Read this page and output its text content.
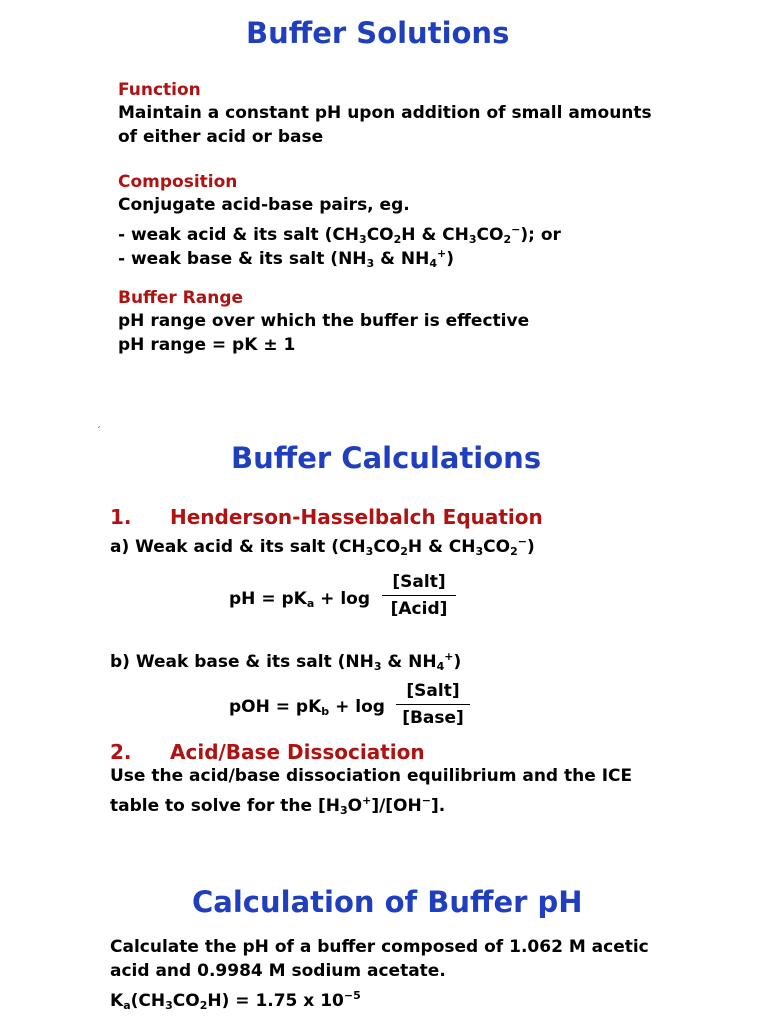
Buffer Solutions
Function
Maintain a constant pH upon addition of small amounts
of either acid or base
Composition
Conjugate acid-base pairs, eg.
- weak acid & its salt ($CH_3CO_2H$ & $CH_3CO_2^-$); or
- weak base & its salt ($NH_3$ & $NH_4^+$)
Buffer Range
pH range over which the buffer is effective
pH range = pK ± 1
´
Buffer Calculations
1. Henderson-Hasselbalch Equation
a) Weak acid & its salt ($CH_3CO_2H$ & $CH_3CO_2^-$)
pH = $pK_a + \log$
[Salt]
[Acid]
b) Weak base & its salt ($NH_3$ & $NH_4^+$)
pOH = $pK_b + \log$
[Salt]
[Base]
2. Acid/Base Dissociation
Use the acid/base dissociation equilibrium and the ICE
table to solve for the $[H_3O^+]/[OH^-]$.
Calculation of Buffer pH
Calculate the pH of a buffer composed of 1.062 M acetic
acid and 0.9984 M sodium acetate.
$K_a(CH_3CO_2H) = 1.75$ x $10^{-5}$
